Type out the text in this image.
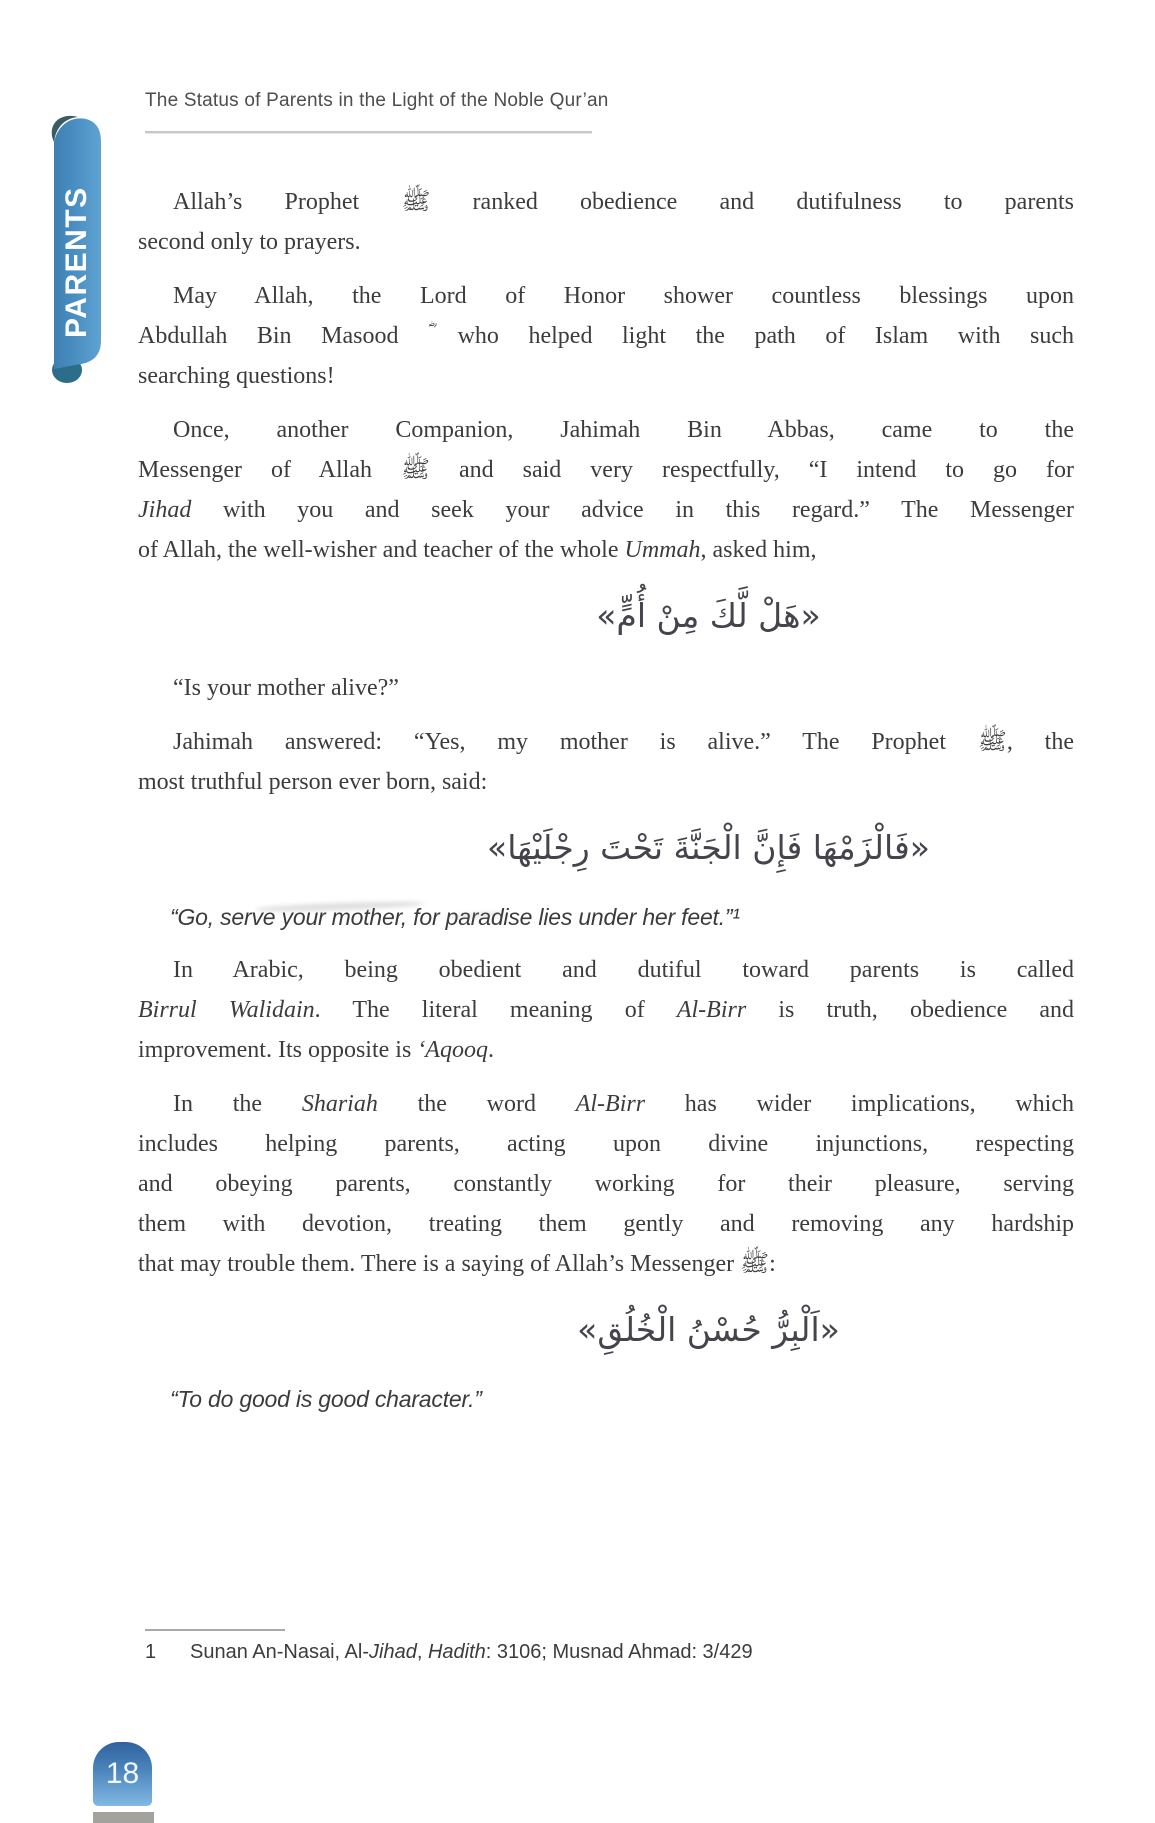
The Status of Parents in the Light of the Noble Qur’an
PARENTS	Allah’s Prophet ﷺ ranked obedience and dutifulness to parents
second only to prayers.
May Allah, the Lord of Honor shower countless blessings upon
Abdullah Bin Masood ؓ who helped light the path of Islam with such
searching questions!
Once, another Companion, Jahimah Bin Abbas, came to the
Messenger of Allah ﷺ and said very respectfully, “I intend to go for
Jihad with you and seek your advice in this regard.” The Messenger
of Allah, the well-wisher and teacher of the whole Ummah, asked him,
«هَلْ لَّكَ مِنْ أُمٍّ»
“Is your mother alive?”
Jahimah answered: “Yes, my mother is alive.” The Prophet ﷺ, the
most truthful person ever born, said:
«فَالْزَمْهَا فَإِنَّ الْجَنَّةَ تَحْتَ رِجْلَيْهَا»
“Go, serve your mother, for paradise lies under her feet.”¹
In Arabic, being obedient and dutiful toward parents is called
Birrul Walidain. The literal meaning of Al-Birr is truth, obedience and
improvement. Its opposite is ‘Aqooq.
In the Shariah the word Al-Birr has wider implications, which
includes helping parents, acting upon divine injunctions, respecting
and obeying parents, constantly working for their pleasure, serving
them with devotion, treating them gently and removing any hardship
that may trouble them. There is a saying of Allah’s Messenger ﷺ:
«اَلْبِرُّ حُسْنُ الْخُلُقِ»
“To do good is good character.”
1	Sunan An-Nasai, Al-Jihad, Hadith: 3106; Musnad Ahmad: 3/429
18
